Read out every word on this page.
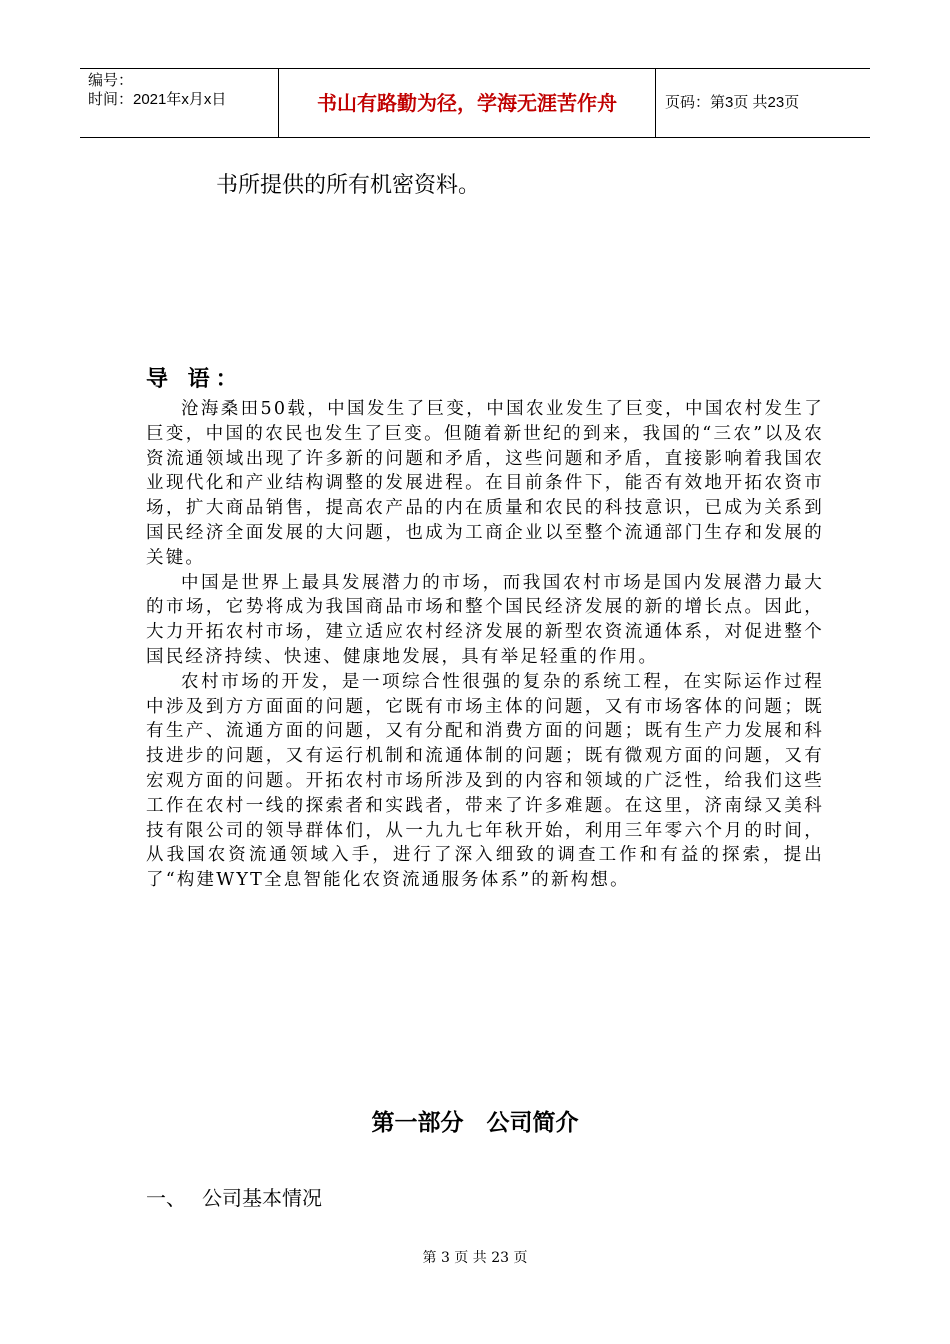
编号：
时间：2021年x月x日	书山有路勤为径，学海无涯苦作舟	页码：第3页 共23页
书所提供的所有机密资料。
导 语：

沧海桑田50载，中国发生了巨变，中国农业发生了巨变，中国农村发生了巨变，中国的农民也发生了巨变。但随着新世纪的到来，我国的“三农”以及农资流通领域出现了许多新的问题和矛盾，这些问题和矛盾，直接影响着我国农业现代化和产业结构调整的发展进程。在目前条件下，能否有效地开拓农资市场，扩大商品销售，提高农产品的内在质量和农民的科技意识，已成为关系到国民经济全面发展的大问题，也成为工商企业以至整个流通部门生存和发展的关键。

中国是世界上最具发展潜力的市场，而我国农村市场是国内发展潜力最大的市场，它势将成为我国商品市场和整个国民经济发展的新的增长点。因此，大力开拓农村市场，建立适应农村经济发展的新型农资流通体系，对促进整个国民经济持续、快速、健康地发展，具有举足轻重的作用。

农村市场的开发，是一项综合性很强的复杂的系统工程，在实际运作过程中涉及到方方面面的问题，它既有市场主体的问题，又有市场客体的问题；既有生产、流通方面的问题，又有分配和消费方面的问题；既有生产力发展和科技进步的问题，又有运行机制和流通体制的问题；既有微观方面的问题，又有宏观方面的问题。开拓农村市场所涉及到的内容和领域的广泛性，给我们这些工作在农村一线的探索者和实践者，带来了许多难题。在这里，济南绿又美科技有限公司的领导群体们，从一九九七年秋开始，利用三年零六个月的时间，从我国农资流通领域入手，进行了深入细致的调查工作和有益的探索，提出了“构建WYT全息智能化农资流通服务体系”的新构想。

第一部分　公司简介
一、 公司基本情况
第 3 页 共 23 页
